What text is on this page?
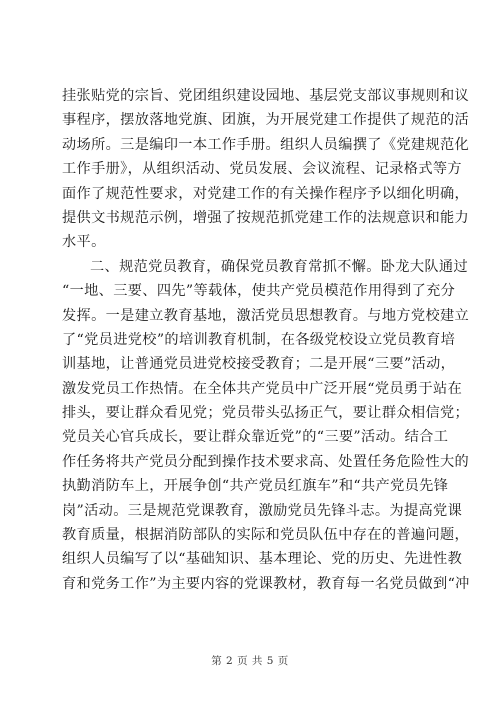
挂张贴党的宗旨、党团组织建设园地、基层党支部议事规则和议
事程序，摆放落地党旗、团旗，为开展党建工作提供了规范的活
动场所。三是编印一本工作手册。组织人员编撰了《党建规范化
工作手册》，从组织活动、党员发展、会议流程、记录格式等方
面作了规范性要求，对党建工作的有关操作程序予以细化明确，
提供文书规范示例，增强了按规范抓党建工作的法规意识和能力
水平。
二、规范党员教育，确保党员教育常抓不懈。卧龙大队通过
“一地、三要、四先”等载体，使共产党员模范作用得到了充分
发挥。一是建立教育基地，激活党员思想教育。与地方党校建立
了“党员进党校”的培训教育机制，在各级党校设立党员教育培
训基地，让普通党员进党校接受教育；二是开展“三要”活动，
激发党员工作热情。在全体共产党员中广泛开展“党员勇于站在
排头，要让群众看见党；党员带头弘扬正气，要让群众相信党；
党员关心官兵成长，要让群众靠近党”的“三要”活动。结合工
作任务将共产党员分配到操作技术要求高、处置任务危险性大的
执勤消防车上，开展争创“共产党员红旗车”和“共产党员先锋
岗”活动。三是规范党课教育，激励党员先锋斗志。为提高党课
教育质量，根据消防部队的实际和党员队伍中存在的普遍问题，
组织人员编写了以“基础知识、基本理论、党的历史、先进性教
育和党务工作”为主要内容的党课教材，教育每一名党员做到“冲
第 2 页 共 5 页
